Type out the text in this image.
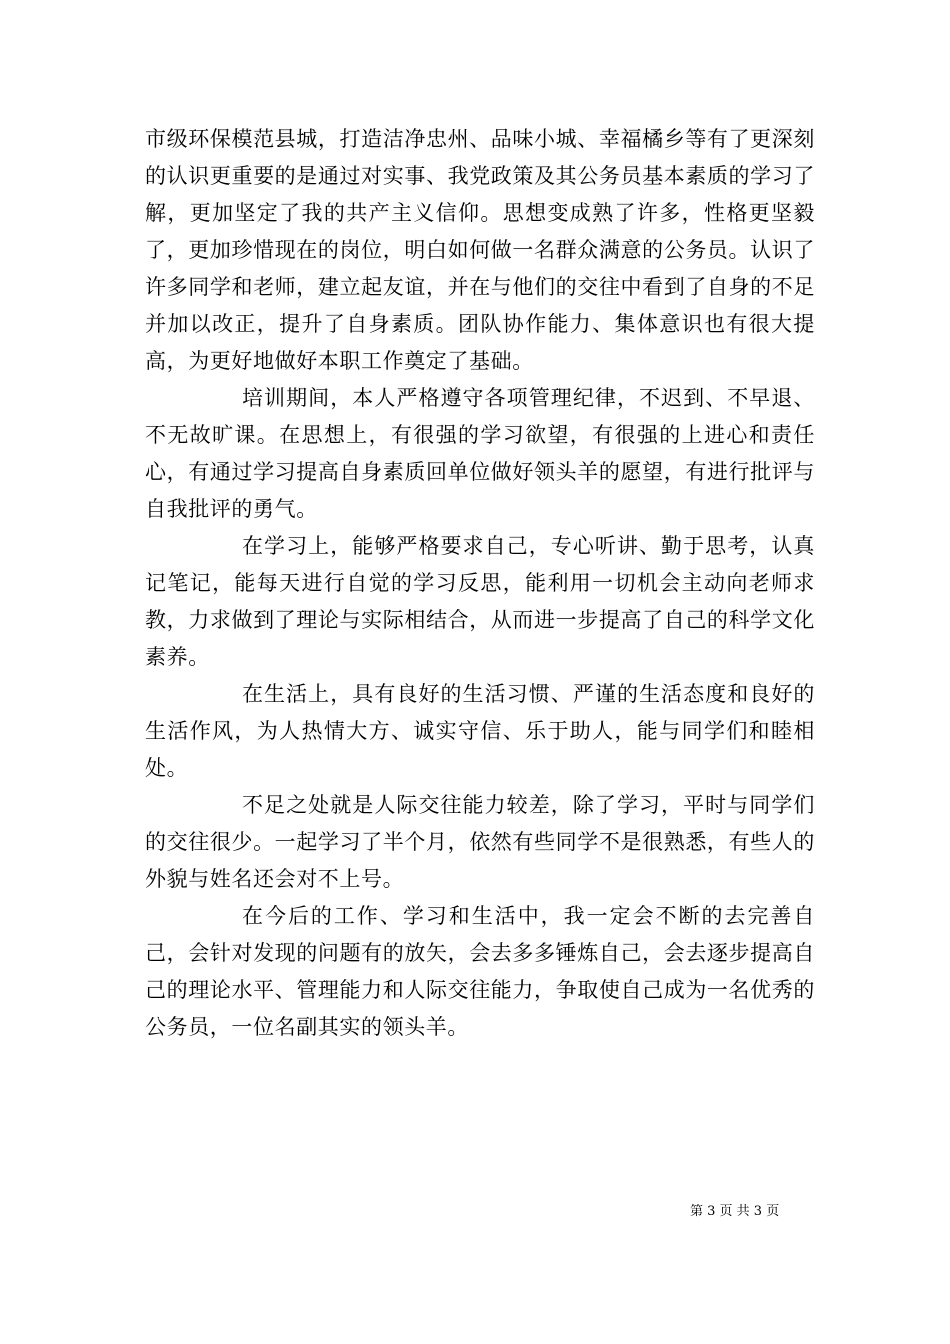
市级环保模范县城，打造洁净忠州、品味小城、幸福橘乡等有了更深刻的认识更重要的是通过对实事、我党政策及其公务员基本素质的学习了解，更加坚定了我的共产主义信仰。思想变成熟了许多，性格更坚毅了，更加珍惜现在的岗位，明白如何做一名群众满意的公务员。认识了许多同学和老师，建立起友谊，并在与他们的交往中看到了自身的不足并加以改正，提升了自身素质。团队协作能力、集体意识也有很大提高，为更好地做好本职工作奠定了基础。

培训期间，本人严格遵守各项管理纪律，不迟到、不早退、不无故旷课。在思想上，有很强的学习欲望，有很强的上进心和责任心，有通过学习提高自身素质回单位做好领头羊的愿望，有进行批评与自我批评的勇气。

在学习上，能够严格要求自己，专心听讲、勤于思考，认真记笔记，能每天进行自觉的学习反思，能利用一切机会主动向老师求教，力求做到了理论与实际相结合，从而进一步提高了自己的科学文化素养。

在生活上，具有良好的生活习惯、严谨的生活态度和良好的生活作风，为人热情大方、诚实守信、乐于助人，能与同学们和睦相处。

不足之处就是人际交往能力较差，除了学习，平时与同学们的交往很少。一起学习了半个月，依然有些同学不是很熟悉，有些人的外貌与姓名还会对不上号。

在今后的工作、学习和生活中，我一定会不断的去完善自己，会针对发现的问题有的放矢，会去多多锤炼自己，会去逐步提高自己的理论水平、管理能力和人际交往能力，争取使自己成为一名优秀的公务员，一位名副其实的领头羊。

第 3 页 共 3 页
